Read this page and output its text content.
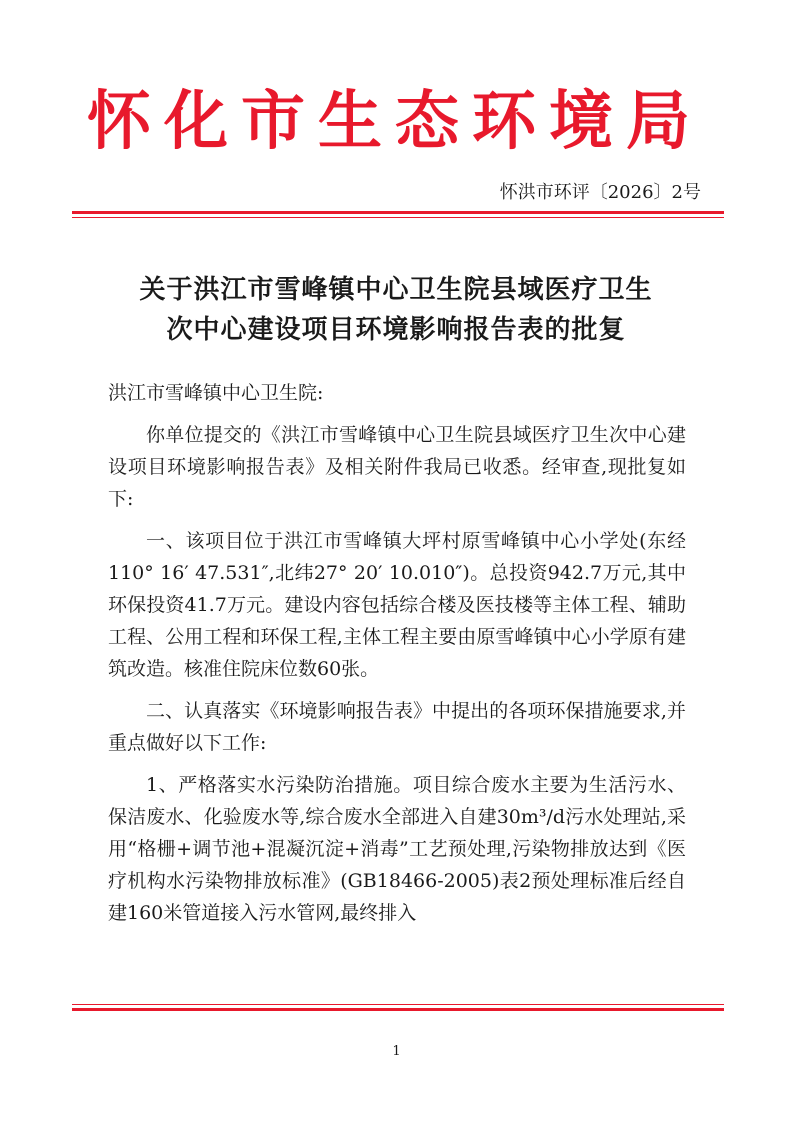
怀化市生态环境局
怀洪市环评〔2026〕2号
关于洪江市雪峰镇中心卫生院县域医疗卫生
次中心建设项目环境影响报告表的批复

洪江市雪峰镇中心卫生院:

你单位提交的《洪江市雪峰镇中心卫生院县域医疗卫生次中心建设项目环境影响报告表》及相关附件我局已收悉。经审查,现批复如下:

一、该项目位于洪江市雪峰镇大坪村原雪峰镇中心小学处(东经110° 16′ 47.531″,北纬27° 20′ 10.010″)。总投资942.7万元,其中环保投资41.7万元。建设内容包括综合楼及医技楼等主体工程、辅助工程、公用工程和环保工程,主体工程主要由原雪峰镇中心小学原有建筑改造。核准住院床位数60张。

二、认真落实《环境影响报告表》中提出的各项环保措施要求,并重点做好以下工作:

1、严格落实水污染防治措施。项目综合废水主要为生活污水、保洁废水、化验废水等,综合废水全部进入自建30m³/d污水处理站,采用“格栅+调节池+混凝沉淀+消毒”工艺预处理,污染物排放达到《医疗机构水污染物排放标准》(GB18466-2005)表2预处理标准后经自建160米管道接入污水管网,最终排入

1
